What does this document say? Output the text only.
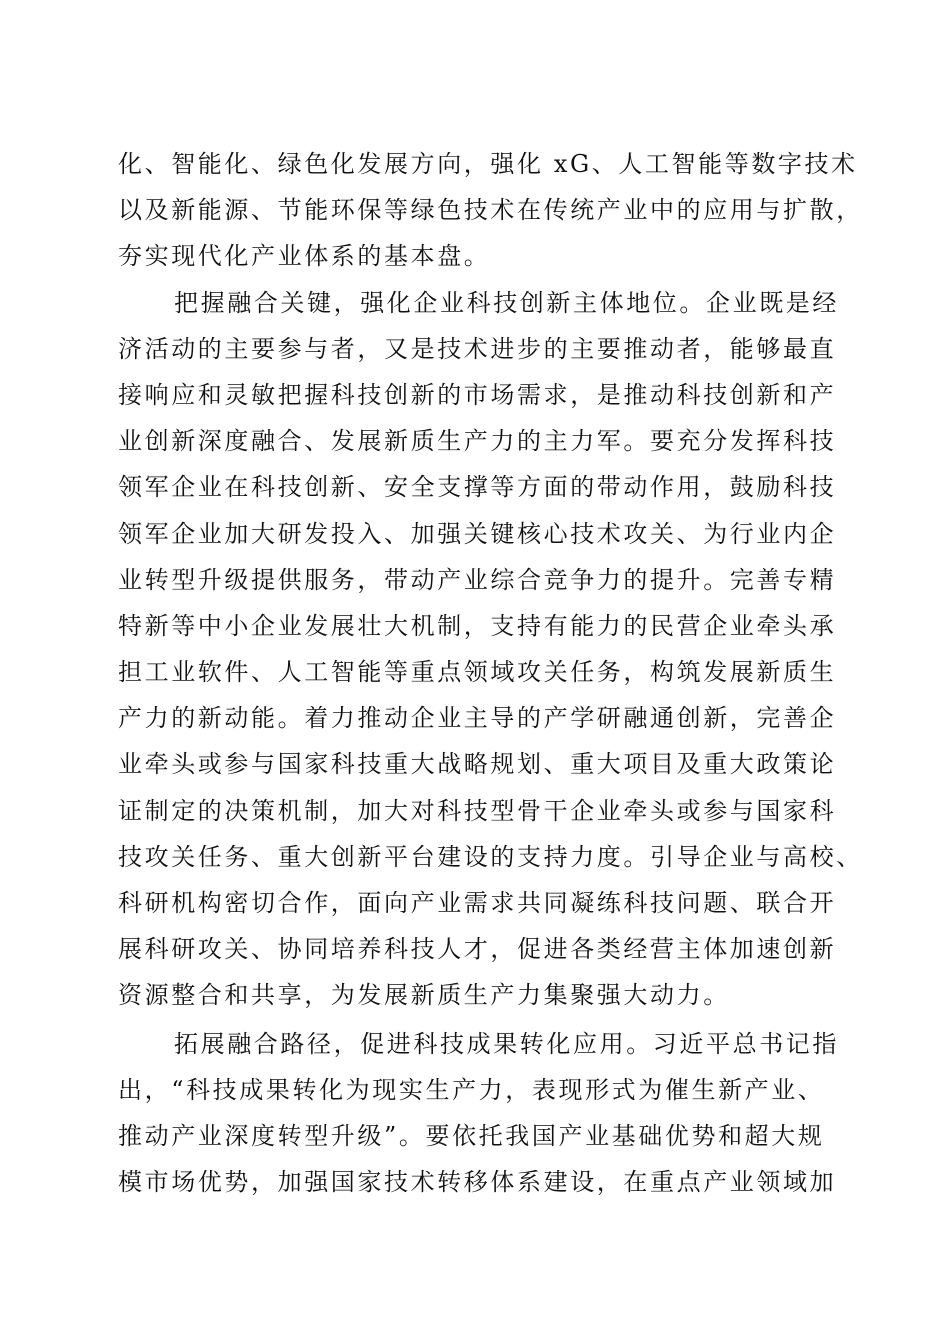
化、智能化、绿色化发展方向，强化 xG、人工智能等数字技术
以及新能源、节能环保等绿色技术在传统产业中的应用与扩散，
夯实现代化产业体系的基本盘。
把握融合关键，强化企业科技创新主体地位。企业既是经
济活动的主要参与者，又是技术进步的主要推动者，能够最直
接响应和灵敏把握科技创新的市场需求，是推动科技创新和产
业创新深度融合、发展新质生产力的主力军。要充分发挥科技
领军企业在科技创新、安全支撑等方面的带动作用，鼓励科技
领军企业加大研发投入、加强关键核心技术攻关、为行业内企
业转型升级提供服务，带动产业综合竞争力的提升。完善专精
特新等中小企业发展壮大机制，支持有能力的民营企业牵头承
担工业软件、人工智能等重点领域攻关任务，构筑发展新质生
产力的新动能。着力推动企业主导的产学研融通创新，完善企
业牵头或参与国家科技重大战略规划、重大项目及重大政策论
证制定的决策机制，加大对科技型骨干企业牵头或参与国家科
技攻关任务、重大创新平台建设的支持力度。引导企业与高校、
科研机构密切合作，面向产业需求共同凝练科技问题、联合开
展科研攻关、协同培养科技人才，促进各类经营主体加速创新
资源整合和共享，为发展新质生产力集聚强大动力。
拓展融合路径，促进科技成果转化应用。习近平总书记指
出，“科技成果转化为现实生产力，表现形式为催生新产业、
推动产业深度转型升级”。要依托我国产业基础优势和超大规
模市场优势，加强国家技术转移体系建设，在重点产业领域加
